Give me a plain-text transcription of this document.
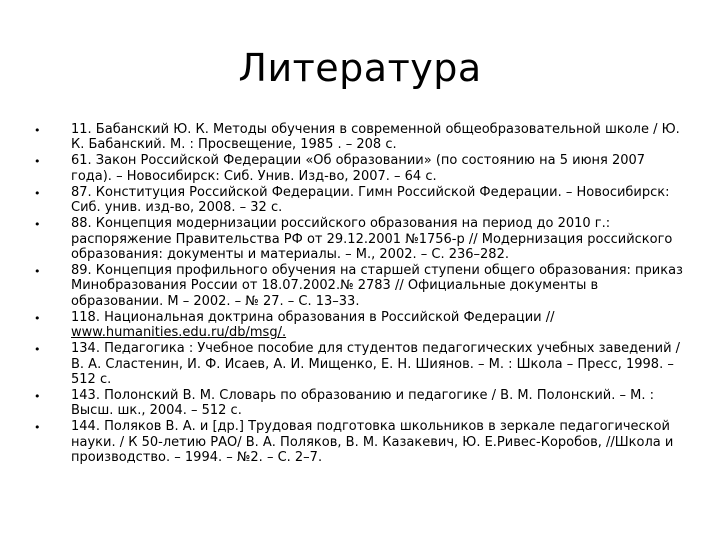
Литература
•	11. Бабанский Ю. К. Методы обучения в современной общеобразовательной школе / Ю. К. Бабанский. М. : Просвещение, 1985 . – 208 с.
•	61. Закон Российской Федерации «Об образовании» (по состоянию на 5 июня 2007 года). – Новосибирск: Сиб. Унив. Изд-во, 2007. – 64 с.
•	87. Конституция Российской Федерации. Гимн Российской Федерации. – Новосибирск: Сиб. унив. изд-во, 2008. – 32 с.
•	88. Концепция модернизации российского образования на период до 2010 г.: распоряжение Правительства РФ от 29.12.2001 №1756-р // Модернизация российского образования: документы и материалы. – М., 2002. – С. 236–282.
•	89. Концепция профильного обучения на старшей ступени общего образования: приказ Минобразования России от 18.07.2002.№ 2783 // Официальные документы в образовании. М – 2002. – № 27. – С. 13–33.
•	118. Национальная доктрина образования в Российской Федерации // www.humanities.edu.ru/db/msg/.
•	134. Педагогика : Учебное пособие для студентов педагогических учебных заведений / В. А. Сластенин, И. Ф. Исаев, А. И. Мищенко, Е. Н. Шиянов. – М. : Школа – Пресс, 1998. – 512 с.
•	143. Полонский В. М. Словарь по образованию и педагогике / В. М. Полонский. – М. : Высш. шк., 2004. – 512 с.
•	144. Поляков В. А. и [др.] Трудовая подготовка школьников в зеркале педагогической науки. / К 50-летию РАО/ В. А. Поляков, В. М. Казакевич, Ю. Е.Ривес-Коробов, //Школа и производство. – 1994. – №2. – С. 2–7.
